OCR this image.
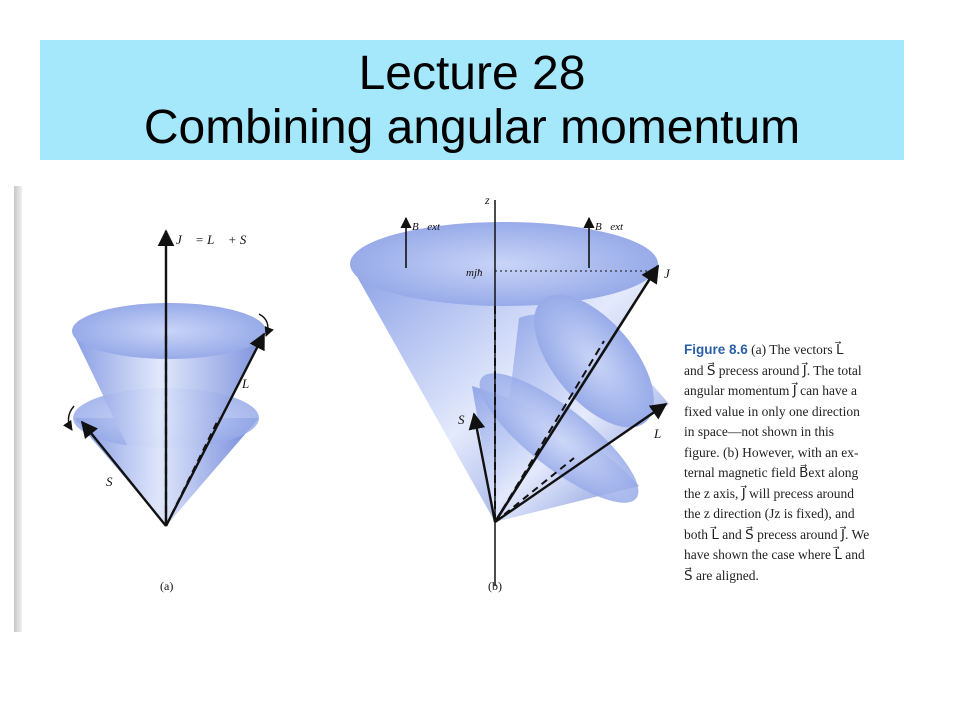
Lecture 28
Combining angular momentum
J⃗ = L⃗ + S⃗
L⃗
S⃗
(a)
z
mjħ
B⃗ext	B⃗ext
J⃗
L⃗
S⃗
(b)
Figure 8.6 (a) The vectors L⃗
and S⃗ precess around J⃗. The total
angular momentum J⃗ can have a
fixed value in only one direction
in space—not shown in this
figure. (b) However, with an ex-
ternal magnetic field B⃗ext along
the z axis, J⃗ will precess around
the z direction (Jz is fixed), and
both L⃗ and S⃗ precess around J⃗. We
have shown the case where L⃗ and
S⃗ are aligned.
